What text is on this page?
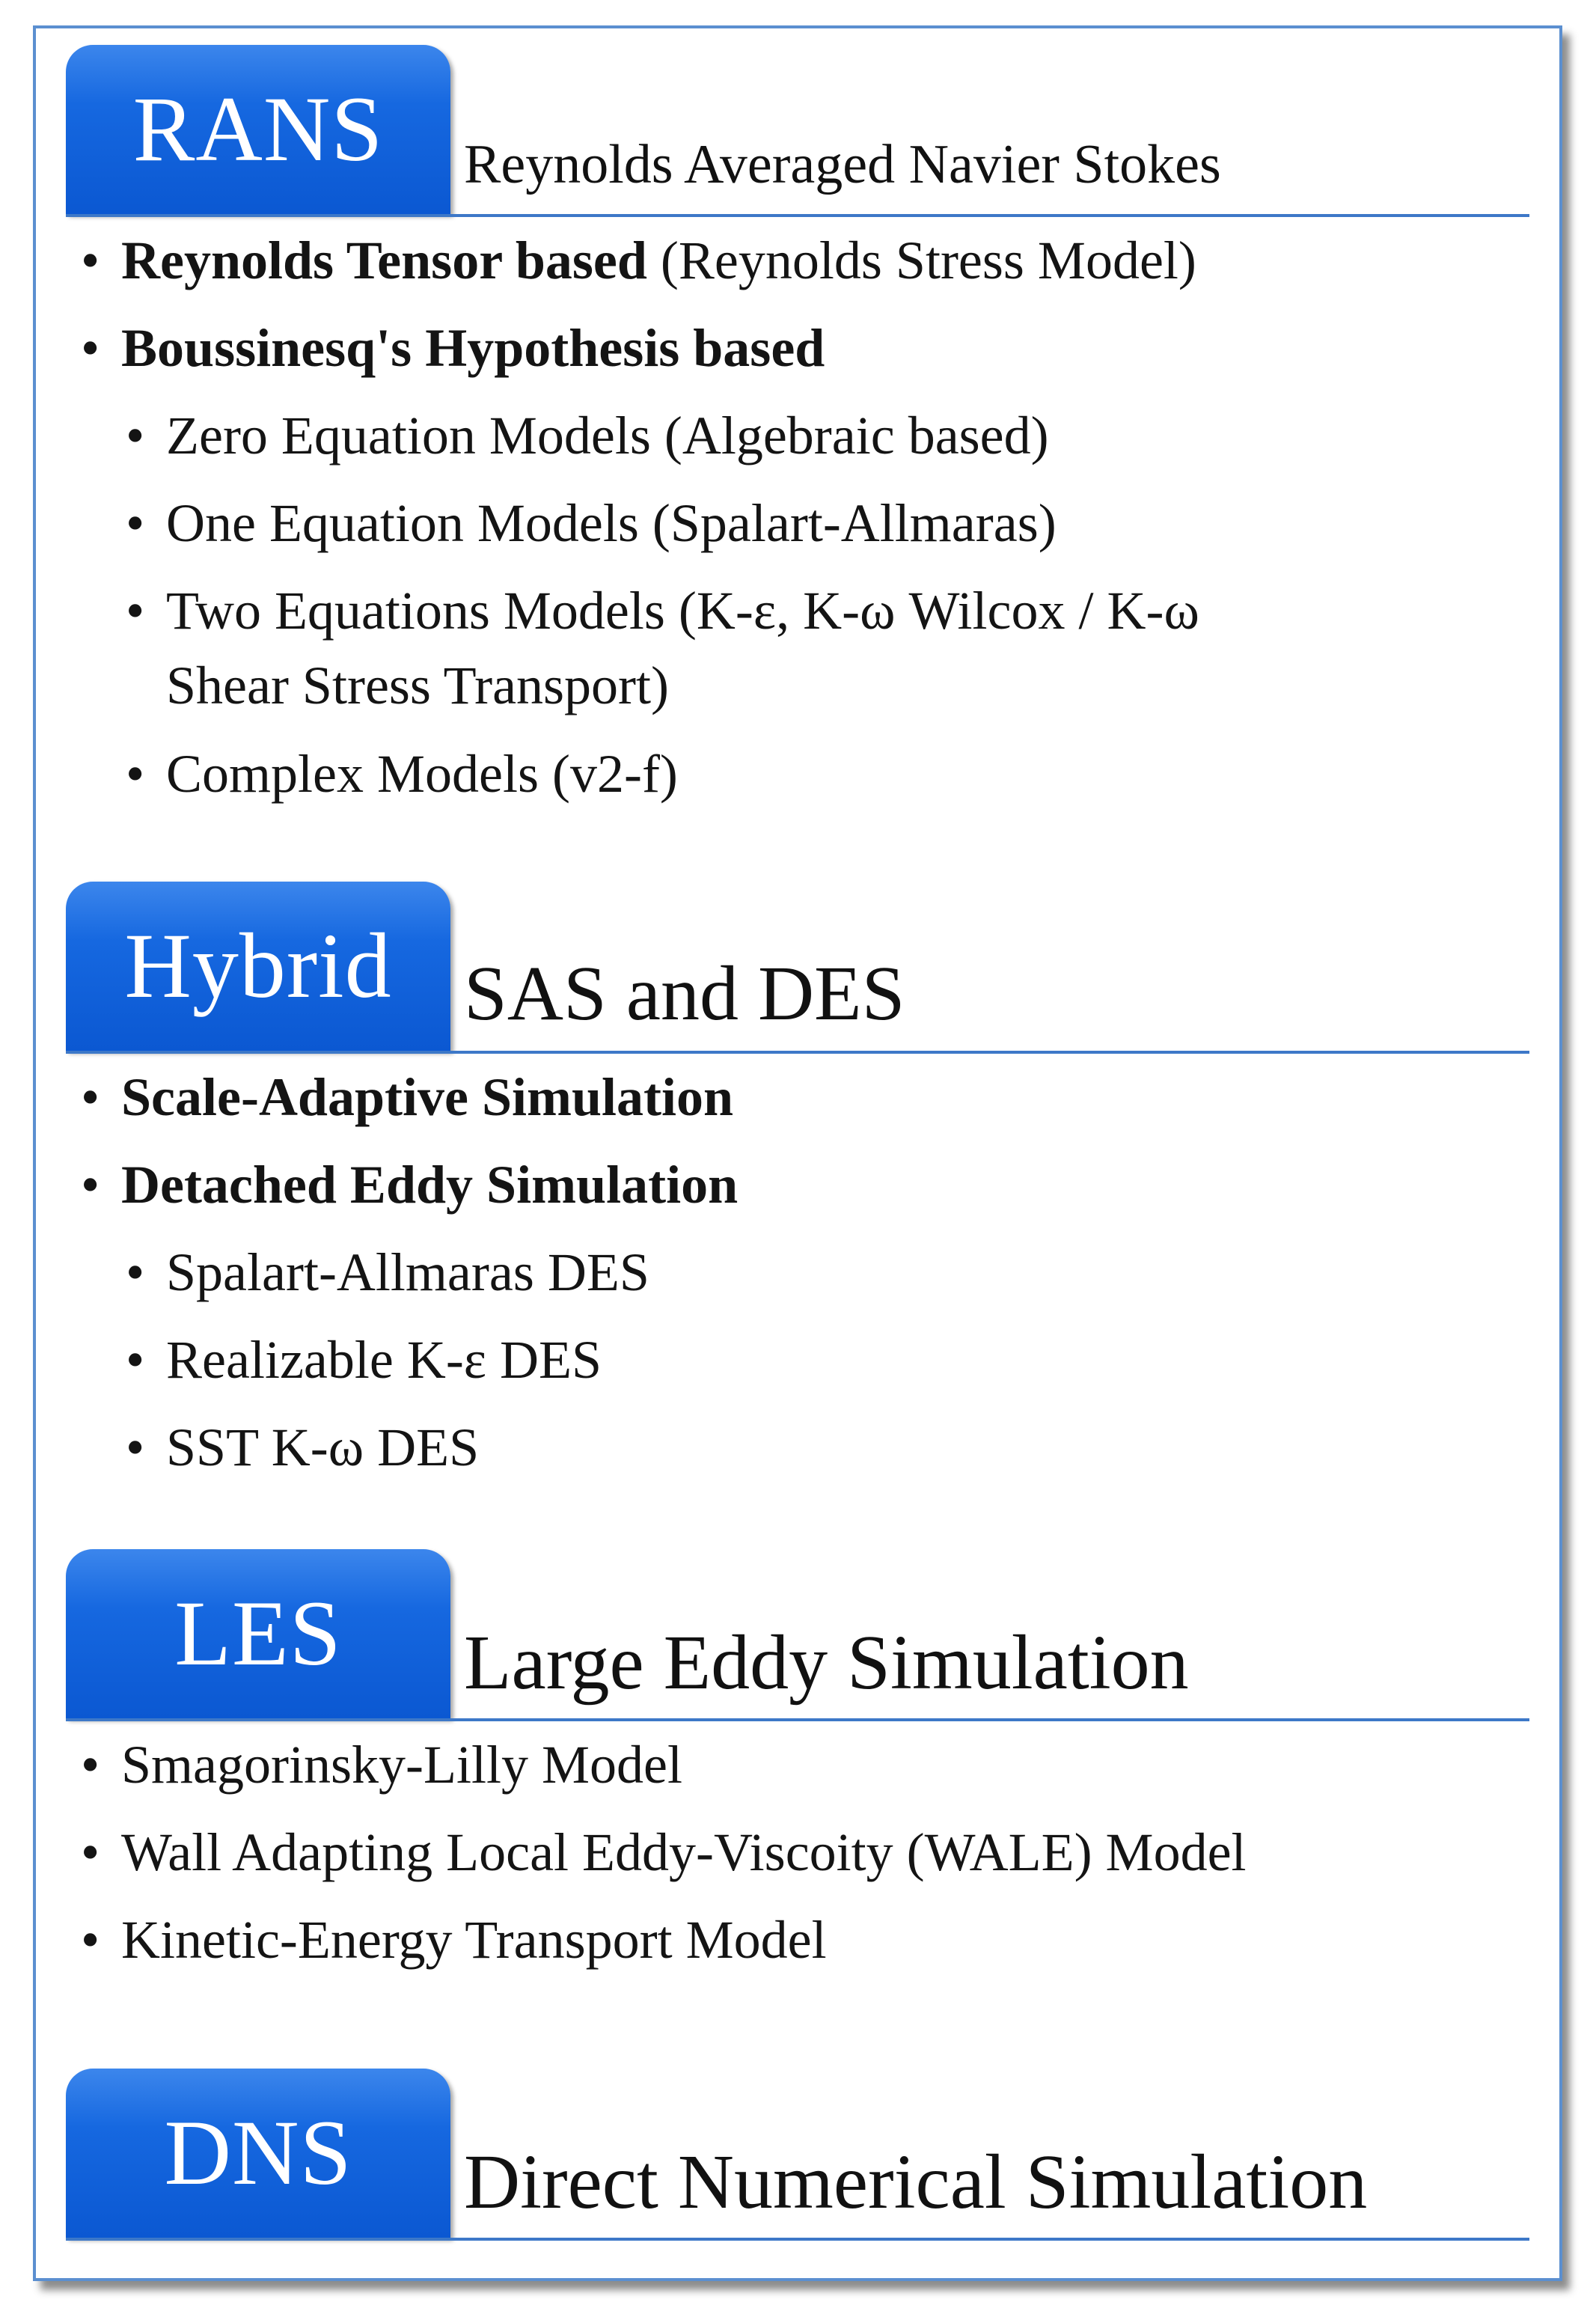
RANS	Reynolds Averaged Navier Stokes
• Reynolds Tensor based (Reynolds Stress Model)
• Boussinesq's Hypothesis based
• Zero Equation Models (Algebraic based)
• One Equation Models (Spalart-Allmaras)
• Two Equations Models (K-ε, K-ω Wilcox / K-ω
Shear Stress Transport)
• Complex Models (v2-f)
Hybrid SAS and DES
• Scale-Adaptive Simulation
• Detached Eddy Simulation
• Spalart-Allmaras DES
• Realizable K-ε DES
• SST K-ω DES
LES	Large Eddy Simulation
• Smagorinsky-Lilly Model
• Wall Adapting Local Eddy-Viscoity (WALE) Model
• Kinetic-Energy Transport Model
DNS	Direct Numerical Simulation
